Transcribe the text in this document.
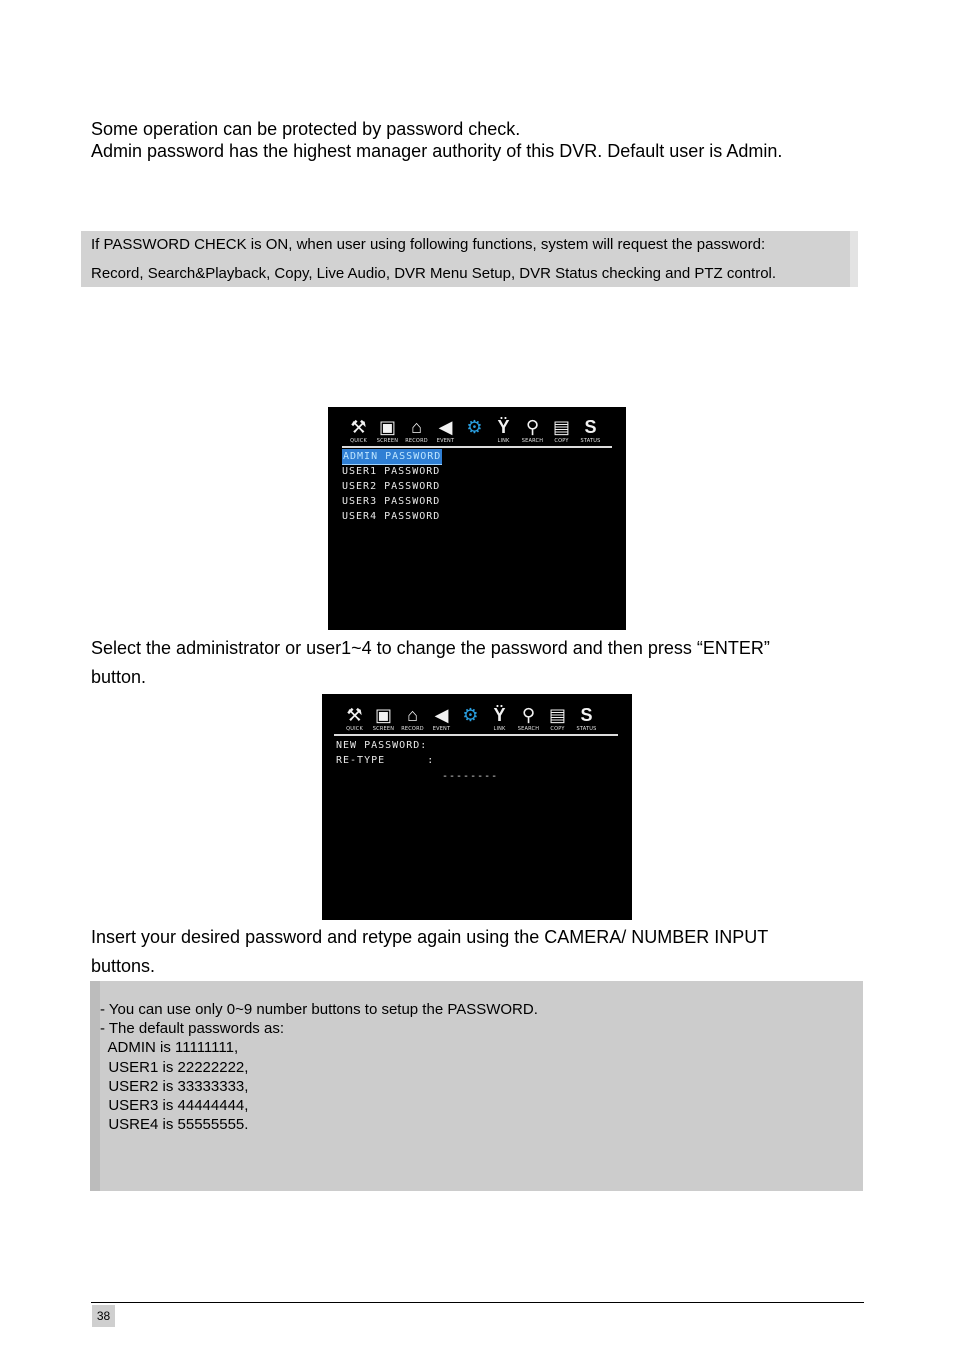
Some operation can be protected by password check.
Admin password has the highest manager authority of this DVR. Default user is Admin.
If PASSWORD CHECK is ON, when user using following functions, system will request the password:
Record, Search&Playback, Copy, Live Audio, DVR Menu Setup, DVR Status checking and PTZ control.
⚒
QUICK
▣
SCREEN
⌂
RECORD
◀
EVENT
⚙ Ÿ
LINK
⚲
SEARCH
▤
COPY
S
STATUS
ADMIN PASSWORD
USER1 PASSWORD
USER2 PASSWORD
USER3 PASSWORD
USER4 PASSWORD
Select the administrator or user1~4 to change the password and then press “ENTER”
button.
⚒
QUICK
▣
SCREEN
⌂
RECORD
◀
EVENT
⚙ Ÿ
LINK
⚲
SEARCH
▤
COPY
S
STATUS
NEW PASSWORD:
RE-TYPE      :
--------
Insert your desired password and retype again using the CAMERA/ NUMBER INPUT
buttons.
- You can use only 0~9 number buttons to setup the PASSWORD.
- The default passwords as:
ADMIN is 11111111,
USER1 is 22222222,
USER2 is 33333333,
USER3 is 44444444,
USRE4 is 55555555.
38
